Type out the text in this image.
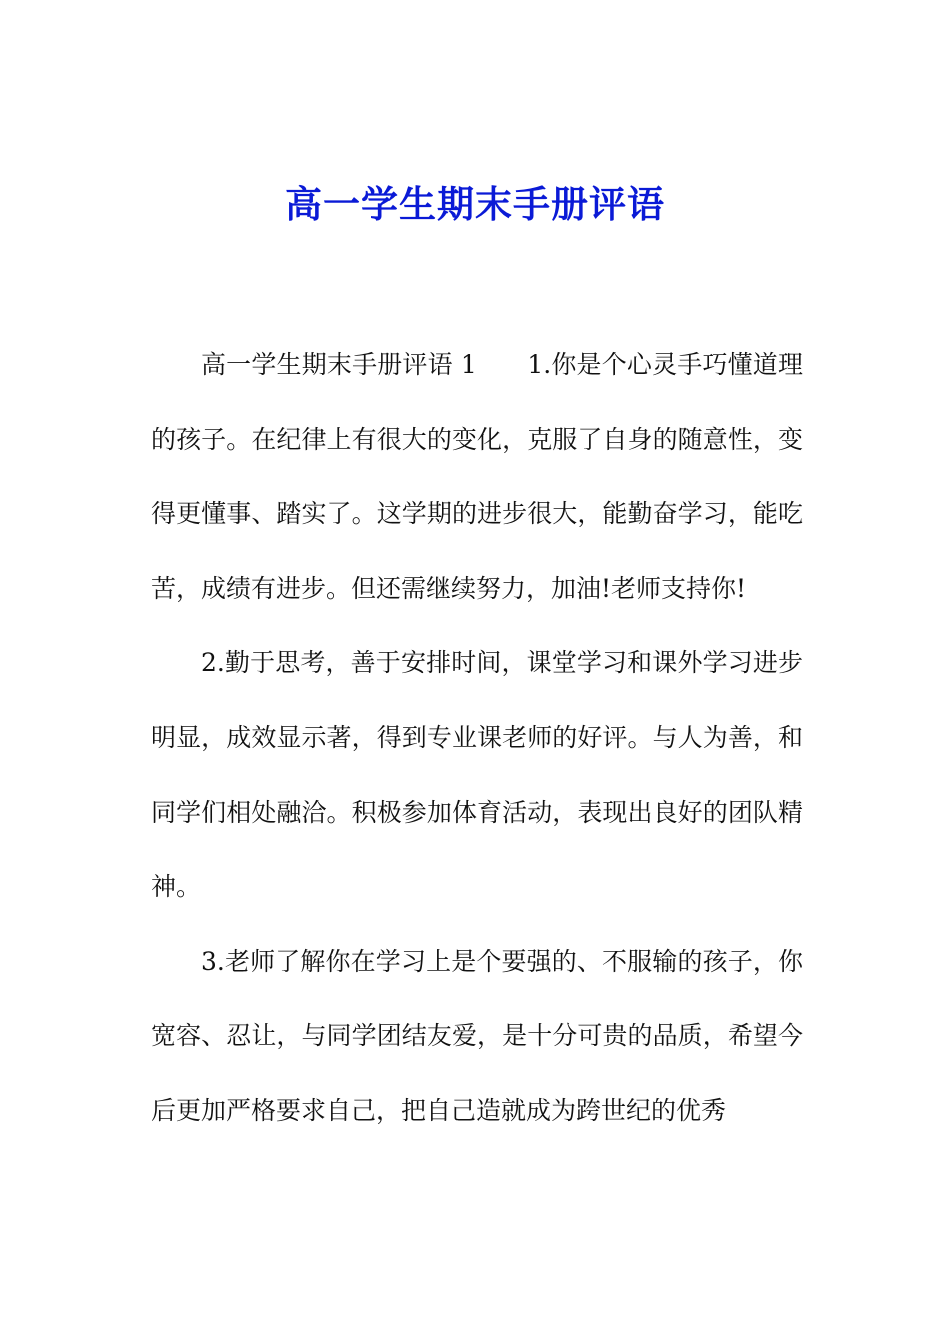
高一学生期末手册评语

高一学生期末手册评语 1　　1.你是个心灵手巧懂道理的孩子。在纪律上有很大的变化，克服了自身的随意性，变得更懂事、踏实了。这学期的进步很大，能勤奋学习，能吃苦，成绩有进步。但还需继续努力，加油!老师支持你!

2.勤于思考，善于安排时间，课堂学习和课外学习进步明显，成效显示著，得到专业课老师的好评。与人为善，和同学们相处融洽。积极参加体育活动，表现出良好的团队精神。

3.老师了解你在学习上是个要强的、不服输的孩子，你宽容、忍让，与同学团结友爱，是十分可贵的品质，希望今后更加严格要求自己，把自己造就成为跨世纪的优秀
